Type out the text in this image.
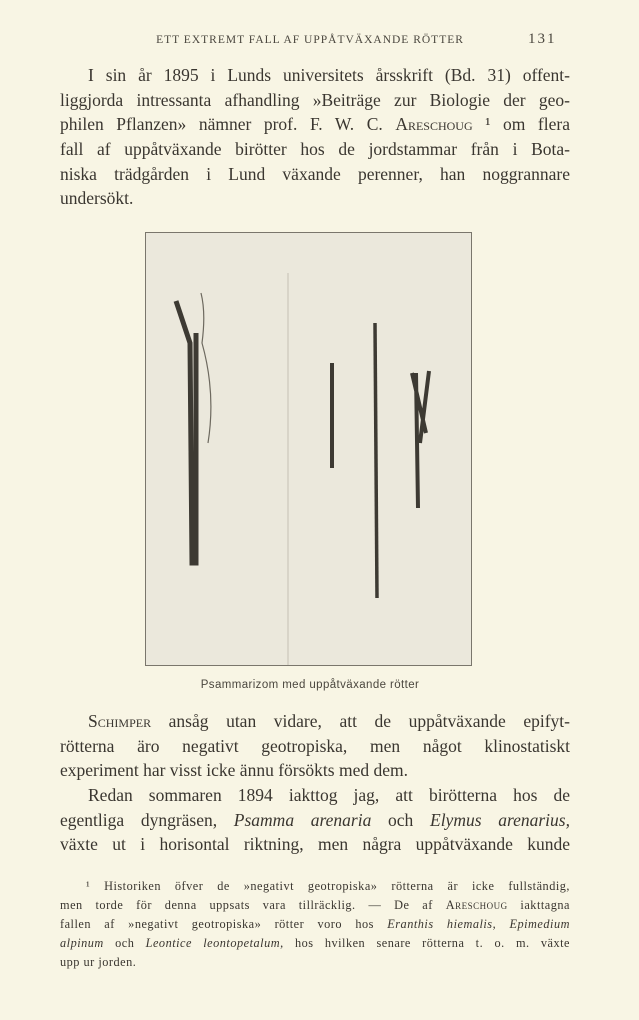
ETT EXTREMT FALL AF UPPÅTVÄXANDE RÖTTER	131
I sin år 1895 i Lunds universitets årsskrift (Bd. 31) offent-
liggjorda intressanta afhandling »Beiträge zur Biologie der geo-
philen Pflanzen» nämner prof. F. W. C. Areschoug ¹ om flera
fall af uppåtväxande birötter hos de jordstammar från i Bota-
niska trädgården i Lund växande perenner, han noggrannare
undersökt.
Psammarizom med uppåtväxande rötter
Schimper ansåg utan vidare, att de uppåtväxande epifyt-
rötterna äro negativt geotropiska, men något klinostatiskt
experiment har visst icke ännu försökts med dem.
Redan sommaren 1894 iakttog jag, att birötterna hos de
egentliga dyngräsen, Psamma arenaria och Elymus arenarius,
växte ut i horisontal riktning, men några uppåtväxande kunde
¹ Historiken öfver de »negativt geotropiska» rötterna är icke fullständig,
men torde för denna uppsats vara tillräcklig. — De af Areschoug iakttagna
fallen af »negativt geotropiska» rötter voro hos Eranthis hiemalis, Epimedium
alpinum och Leontice leontopetalum, hos hvilken senare rötterna t. o. m. växte
upp ur jorden.
